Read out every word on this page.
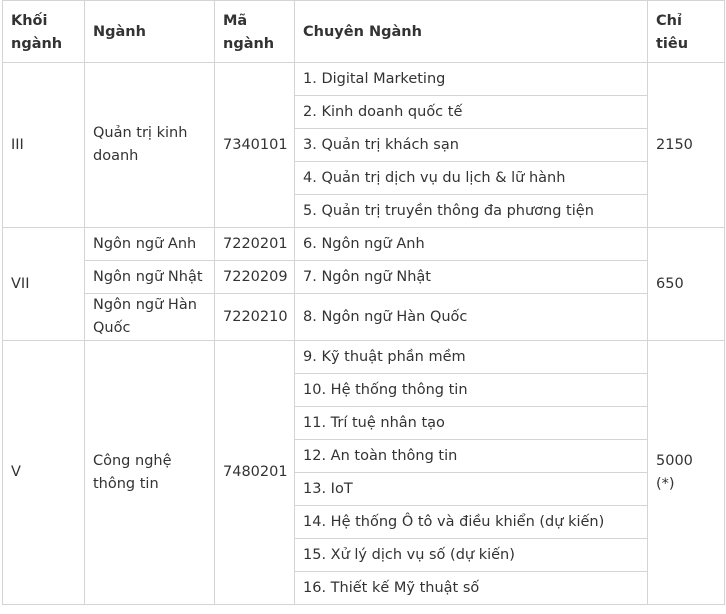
Khối ngành	Ngành	Mã ngành	Chuyên Ngành	Chỉ tiêu
III	Quản trị kinh doanh	7340101	1. Digital Marketing	2150
			2. Kinh doanh quốc tế	
			3. Quản trị khách sạn	
			4. Quản trị dịch vụ du lịch & lữ hành	
			5. Quản trị truyền thông đa phương tiện	
VII	Ngôn ngữ Anh	7220201	6. Ngôn ngữ Anh	650
	Ngôn ngữ Nhật	7220209	7. Ngôn ngữ Nhật	
	Ngôn ngữ Hàn Quốc	7220210	8. Ngôn ngữ Hàn Quốc	
V	Công nghệ thông tin	7480201	9. Kỹ thuật phần mềm	5000 (*)
			10. Hệ thống thông tin	
			11. Trí tuệ nhân tạo	
			12. An toàn thông tin	
			13. IoT	
			14. Hệ thống Ô tô và điều khiển (dự kiến)	
			15. Xử lý dịch vụ số (dự kiến)	
			16. Thiết kế Mỹ thuật số	
